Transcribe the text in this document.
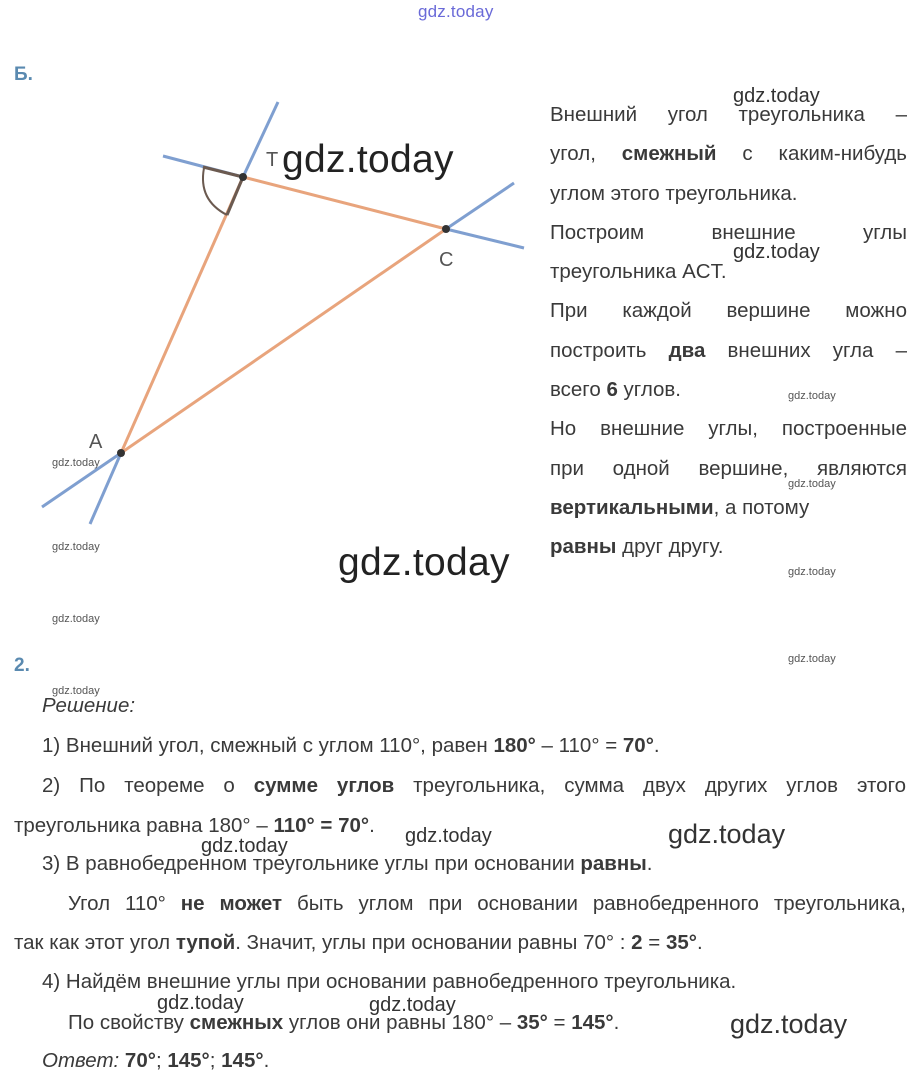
gdz.today
Б.
T
C
A
Внешний угол треугольника –
угол, смежный с каким-нибудь
углом этого треугольника.
Построим внешние углы
треугольника ACT.
При каждой вершине можно
построить два внешних угла –
всего 6 углов.
Но внешние углы, построенные
при одной вершине, являются
вертикальными, а потому
равны друг другу.
2.
Решение:
1) Внешний угол, смежный с углом 110°, равен 180° – 110° = 70°.
2) По теореме о сумме углов треугольника, сумма двух других углов этого
треугольника равна 180° – 110° = 70°.
3) В равнобедренном треугольнике углы при основании равны.
Угол 110° не может быть углом при основании равнобедренного треугольника,
так как этот угол тупой. Значит, углы при основании равны 70° : 2 = 35°.
4) Найдём внешние углы при основании равнобедренного треугольника.
По свойству смежных углов они равны 180° – 35° = 145°.
Ответ: 70°; 145°; 145°.
gdz.today
gdz.today
gdz.today
gdz.today
gdz.today
gdz.today
gdz.today	gdz.today
gdz.today	gdz.today
gdz.today
gdz.today
gdz.today
gdz.today
gdz.today
gdz.today
gdz.today
gdz.today
